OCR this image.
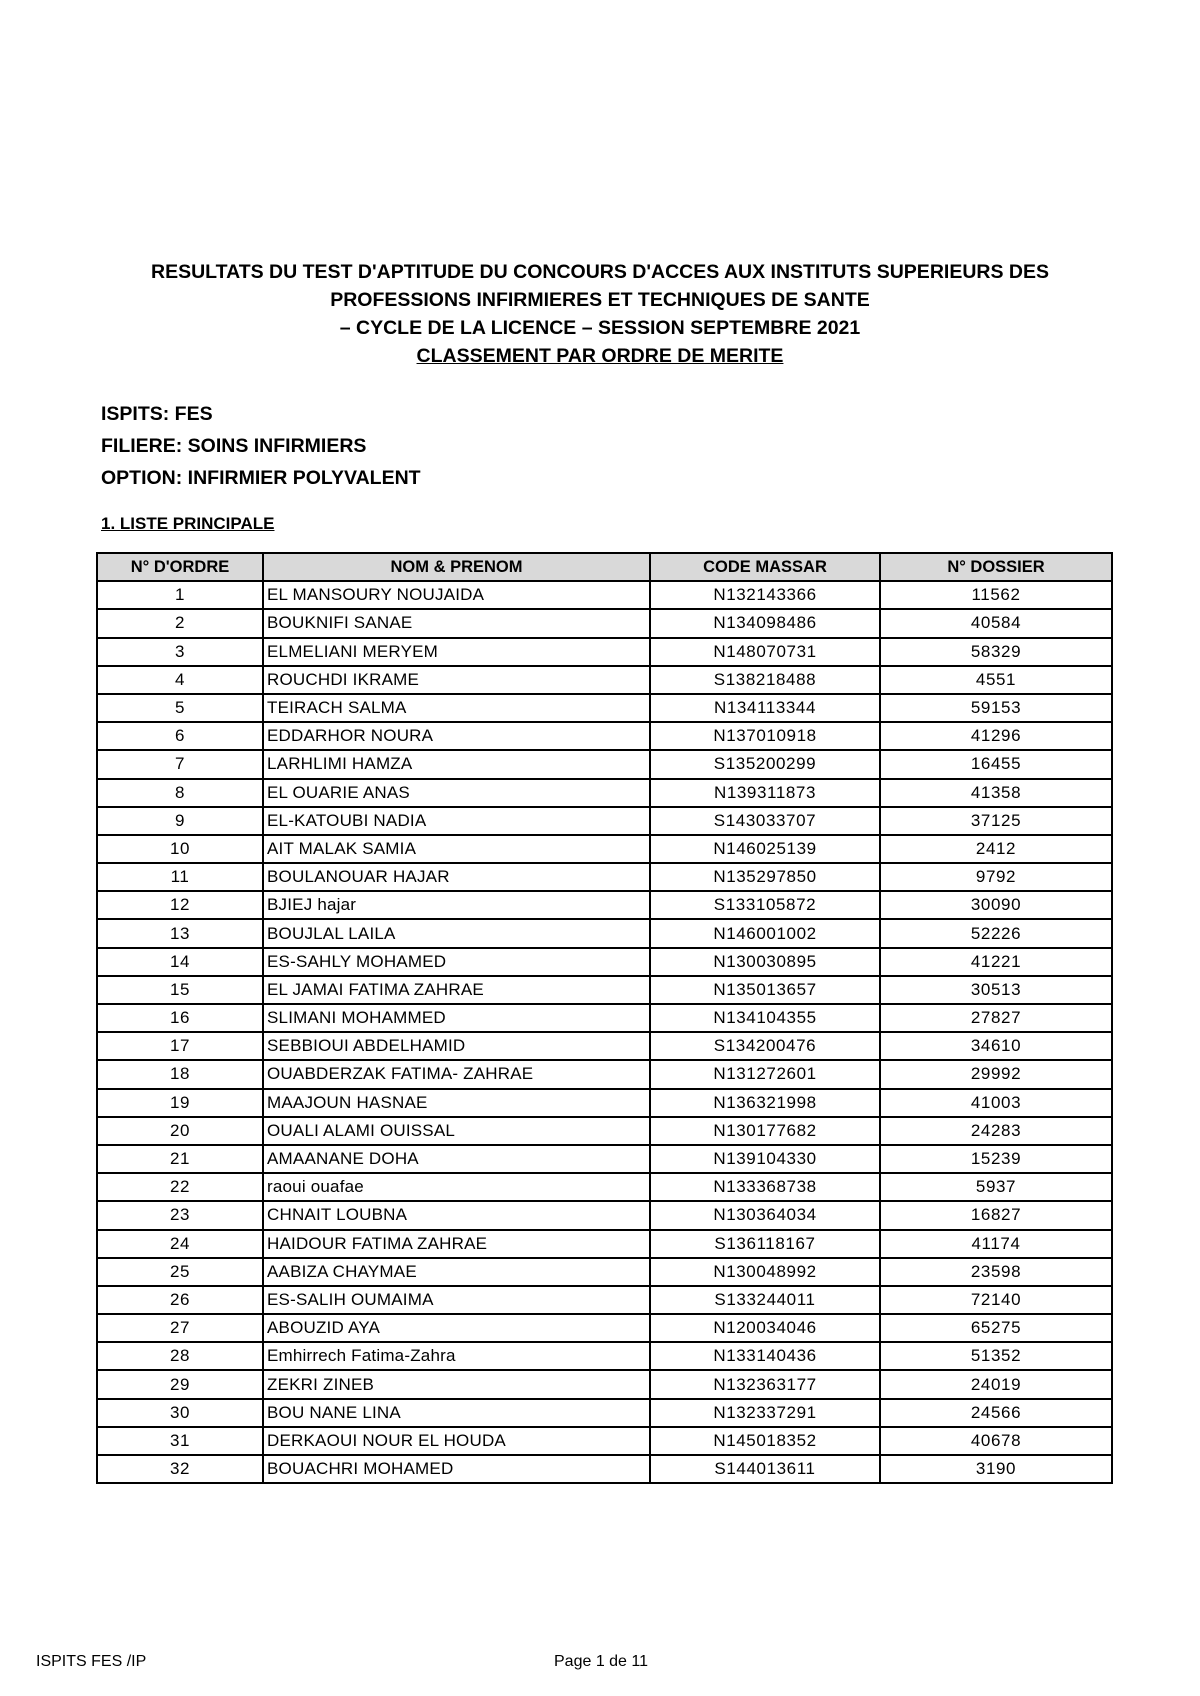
RESULTATS DU TEST D'APTITUDE DU CONCOURS D'ACCES AUX INSTITUTS SUPERIEURS DES
PROFESSIONS INFIRMIERES ET TECHNIQUES DE SANTE
– CYCLE DE LA LICENCE – SESSION SEPTEMBRE 2021
CLASSEMENT PAR ORDRE DE MERITE
ISPITS: FES
FILIERE: SOINS INFIRMIERS
OPTION: INFIRMIER POLYVALENT
1. LISTE PRINCIPALE
N° D'ORDRE	NOM & PRENOM	CODE MASSAR	N° DOSSIER
1	EL MANSOURY NOUJAIDA	N132143366	11562
2	BOUKNIFI SANAE	N134098486	40584
3	ELMELIANI MERYEM	N148070731	58329
4	ROUCHDI IKRAME	S138218488	4551
5	TEIRACH SALMA	N134113344	59153
6	EDDARHOR NOURA	N137010918	41296
7	LARHLIMI HAMZA	S135200299	16455
8	EL OUARIE ANAS	N139311873	41358
9	EL-KATOUBI NADIA	S143033707	37125
10	AIT MALAK SAMIA	N146025139	2412
11	BOULANOUAR HAJAR	N135297850	9792
12	BJIEJ hajar	S133105872	30090
13	BOUJLAL LAILA	N146001002	52226
14	ES-SAHLY MOHAMED	N130030895	41221
15	EL JAMAI FATIMA ZAHRAE	N135013657	30513
16	SLIMANI MOHAMMED	N134104355	27827
17	SEBBIOUI ABDELHAMID	S134200476	34610
18	OUABDERZAK FATIMA- ZAHRAE	N131272601	29992
19	MAAJOUN HASNAE	N136321998	41003
20	OUALI ALAMI OUISSAL	N130177682	24283
21	AMAANANE DOHA	N139104330	15239
22	raoui ouafae	N133368738	5937
23	CHNAIT LOUBNA	N130364034	16827
24	HAIDOUR FATIMA ZAHRAE	S136118167	41174
25	AABIZA CHAYMAE	N130048992	23598
26	ES-SALIH OUMAIMA	S133244011	72140
27	ABOUZID AYA	N120034046	65275
28	Emhirrech Fatima-Zahra	N133140436	51352
29	ZEKRI ZINEB	N132363177	24019
30	BOU NANE LINA	N132337291	24566
31	DERKAOUI NOUR EL HOUDA	N145018352	40678
32	BOUACHRI MOHAMED	S144013611	3190
ISPITS FES /IP	Page 1 de 11
